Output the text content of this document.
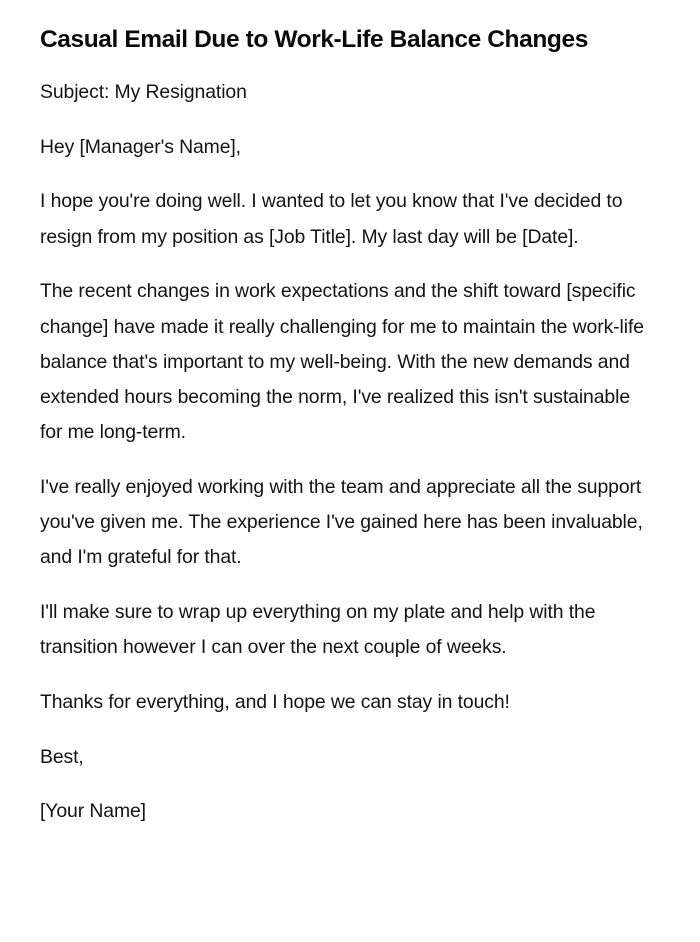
Casual Email Due to Work-Life Balance Changes

Subject: My Resignation

Hey [Manager's Name],

I hope you're doing well. I wanted to let you know that I've decided to resign from my position as [Job Title]. My last day will be [Date].

The recent changes in work expectations and the shift toward [specific change] have made it really challenging for me to maintain the work-life balance that's important to my well-being. With the new demands and extended hours becoming the norm, I've realized this isn't sustainable for me long-term.

I've really enjoyed working with the team and appreciate all the support you've given me. The experience I've gained here has been invaluable, and I'm grateful for that.

I'll make sure to wrap up everything on my plate and help with the transition however I can over the next couple of weeks.

Thanks for everything, and I hope we can stay in touch!

Best,

[Your Name]
